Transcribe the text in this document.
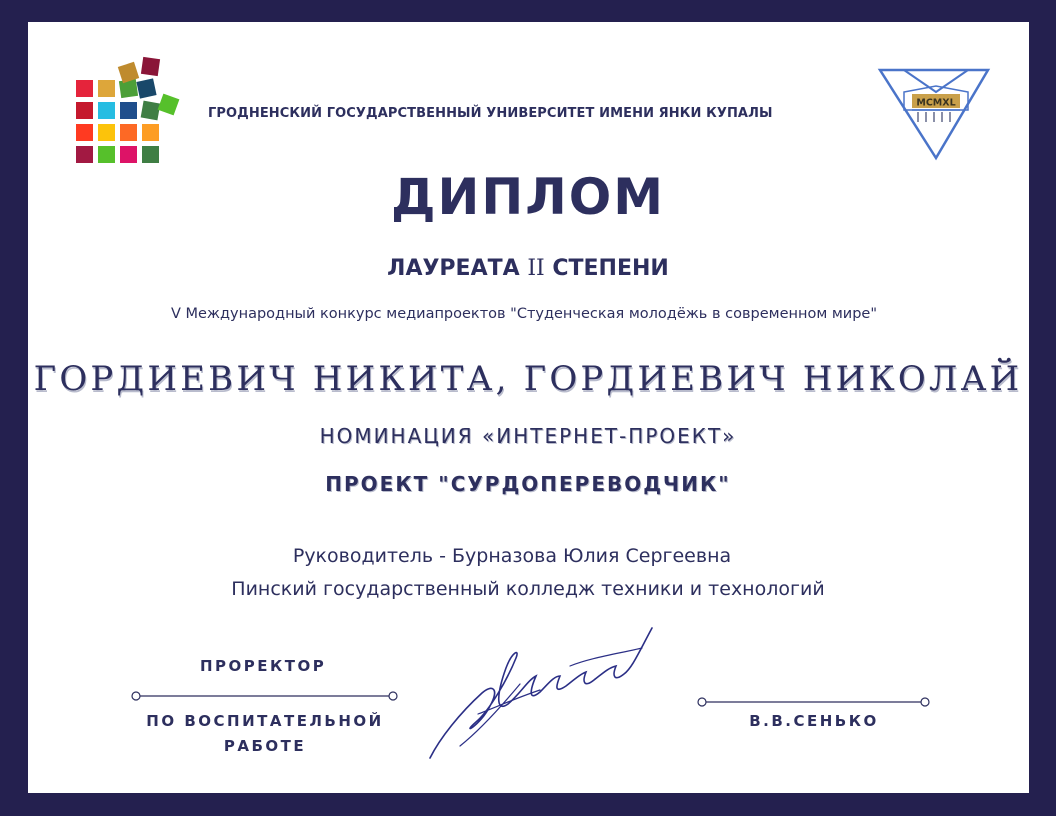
ГРОДНЕНСКИЙ ГОСУДАРСТВЕННЫЙ УНИВЕРСИТЕТ ИМЕНИ ЯНКИ КУПАЛЫ
MCMXL
ДИПЛОМ
ЛАУРЕАТА II СТЕПЕНИ
V Международный конкурс медиапроектов "Студенческая молодёжь в современном мире"
ГОРДИЕВИЧ НИКИТА, ГОРДИЕВИЧ НИКОЛАЙ
НОМИНАЦИЯ «ИНТЕРНЕТ-ПРОЕКТ»
ПРОЕКТ "СУРДОПЕРЕВОДЧИК"
Руководитель - Бурназова Юлия Сергеевна
Пинский государственный колледж техники и технологий
ПРОРЕКТОР
ПО ВОСПИТАТЕЛЬНОЙ
РАБОТЕ
В.В.СЕНЬКО
